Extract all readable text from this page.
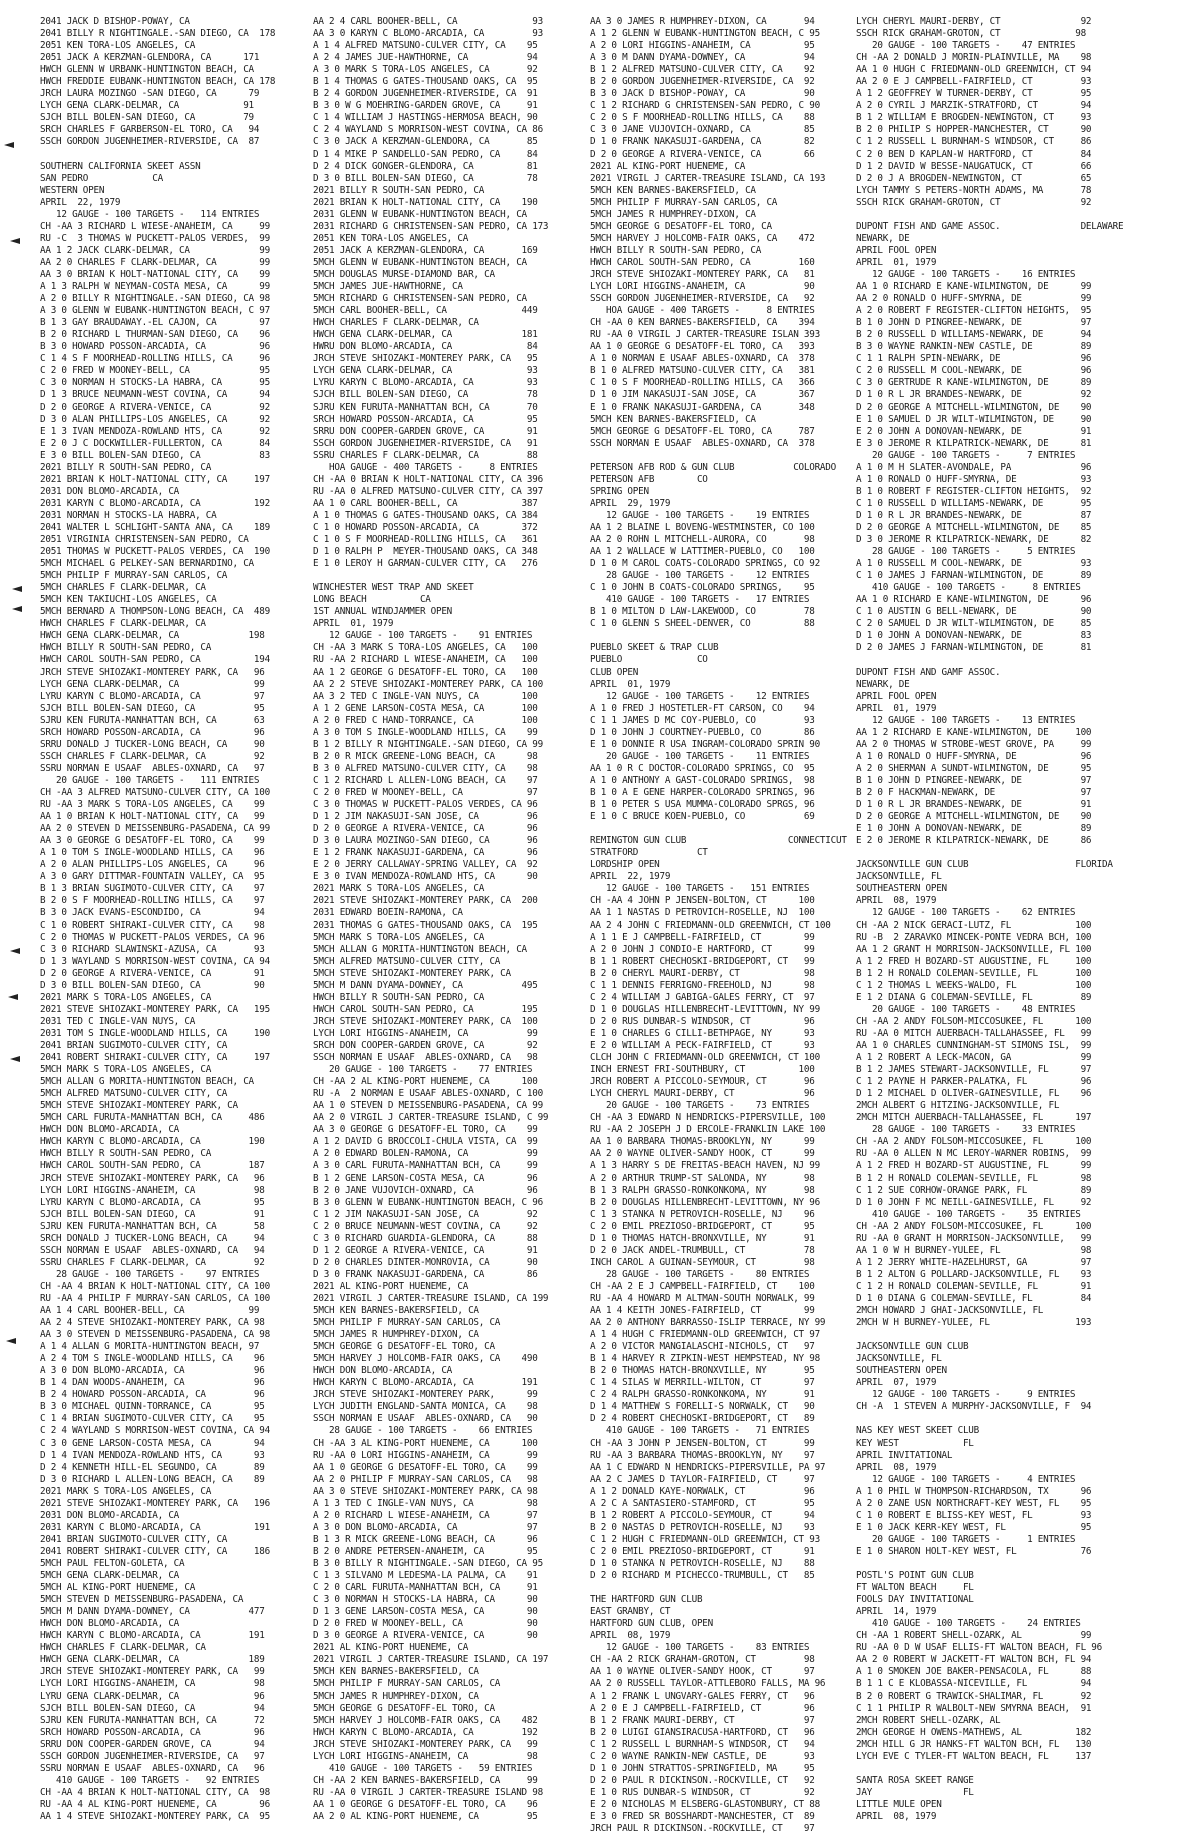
2041 JACK D BISHOP-POWAY, CA
2041 BILLY R NIGHTINGALE.-SAN DIEGO, CA  178
2051 KEN TORA-LOS ANGELES, CA
2051 JACK A KERZMAN-GLENDORA, CA      171
HWCH GLENN W URBANK-HUNTINGTON BEACH, CA
HWCH FREDDIE EUBANK-HUNTINGTON BEACH, CA 178
JRCH LAURA MOZINGO -SAN DIEGO, CA      79
LYCH GENA CLARK-DELMAR, CA            91
SJCH BILL BOLEN-SAN DIEGO, CA         79
SRCH CHARLES F GARBERSON-EL TORO, CA   94
SSCH GORDON JUGENHEIMER-RIVERSIDE, CA  87
SOUTHERN CALIFORNIA SKEET ASSN
SAN PEDRO            CA
WESTERN OPEN
APRIL  22, 1979
12 GAUGE - 100 TARGETS -   114 ENTRIES
CH -AA 3 RICHARD L WIESE-ANAHEIM, CA     99
RU -C  3 THOMAS W PUCKETT-PALOS VERDES,  99
AA 1 2 JACK CLARK-DELMAR, CA             99
AA 2 0 CHARLES F CLARK-DELMAR, CA        99
AA 3 0 BRIAN K HOLT-NATIONAL CITY, CA    99
A 1 3 RALPH W NEYMAN-COSTA MESA, CA      99
A 2 0 BILLY R NIGHTINGALE.-SAN DIEGO, CA 98
A 3 0 GLENN W EUBANK-HUNTINGTON BEACH, C 97
B 1 3 GAY BRAUDAWAY.-EL CAJON, CA        97
B 2 0 RICHARD L THURMAN-SAN DIEGO, CA    96
B 3 0 HOWARD POSSON-ARCADIA, CA          96
C 1 4 S F MOORHEAD-ROLLING HILLS, CA     96
C 2 0 FRED W MOONEY-BELL, CA             95
C 3 0 NORMAN H STOCKS-LA HABRA, CA       95
D 1 3 BRUCE NEUMANN-WEST COVINA, CA      94
D 2 0 GEORGE A RIVERA-VENICE, CA         92
D 3 0 ALAN PHILLIPS-LOS ANGELES, CA      92
E 1 3 IVAN MENDOZA-ROWLAND HTS, CA       92
E 2 0 J C DOCKWILLER-FULLERTON, CA       84
E 3 0 BILL BOLEN-SAN DIEGO, CA           83
2021 BILLY R SOUTH-SAN PEDRO, CA
2021 BRIAN K HOLT-NATIONAL CITY, CA     197
2031 DON BLOMO-ARCADIA, CA
2031 KARYN C BLOMO-ARCADIA, CA          192
2031 NORMAN H STOCKS-LA HABRA, CA
2041 WALTER L SCHLIGHT-SANTA ANA, CA    189
2051 VIRGINIA CHRISTENSEN-SAN PEDRO, CA
2051 THOMAS W PUCKETT-PALOS VERDES, CA  190
5MCH MICHAEL G PELKEY-SAN BERNARDINO, CA
5MCH PHILIP F MURRAY-SAN CARLOS, CA
5MCH CHARLES F CLARK-DELMAR, CA
5MCH KEN TAKIUCHI-LOS ANGELES, CA
5MCH BERNARD A THOMPSON-LONG BEACH, CA  489
HWCH CHARLES F CLARK-DELMAR, CA
HWCH GENA CLARK-DELMAR, CA             198
HWCH BILLY R SOUTH-SAN PEDRO, CA
HWCH CAROL SOUTH-SAN PEDRO, CA          194
JRCH STEVE SHIOZAKI-MONTEREY PARK, CA   96
LYCH GENA CLARK-DELMAR, CA              99
LYRU KARYN C BLOMO-ARCADIA, CA          97
SJCH BILL BOLEN-SAN DIEGO, CA           95
SJRU KEN FURUTA-MANHATTAN BCH, CA       63
SRCH HOWARD POSSON-ARCADIA, CA          96
SRRU DONALD J TUCKER-LONG BEACH, CA     90
SSCH CHARLES F CLARK-DELMAR, CA         92
SSRU NORMAN E USAAF  ABLES-OXNARD, CA   97
20 GAUGE - 100 TARGETS -   111 ENTRIES
CH -AA 3 ALFRED MATSUNO-CULVER CITY, CA 100
RU -AA 3 MARK S TORA-LOS ANGELES, CA    99
AA 1 0 BRIAN K HOLT-NATIONAL CITY, CA   99
AA 2 0 STEVEN D MEISSENBURG-PASADENA, CA 99
AA 3 0 GEORGE G DESATOFF-EL TORO, CA    99
A 1 0 TOM S INGLE-WOODLAND HILLS, CA    96
A 2 0 ALAN PHILLIPS-LOS ANGELES, CA     96
A 3 0 GARY DITTMAR-FOUNTAIN VALLEY, CA  95
B 1 3 BRIAN SUGIMOTO-CULVER CITY, CA    97
B 2 0 S F MOORHEAD-ROLLING HILLS, CA    97
B 3 0 JACK EVANS-ESCONDIDO, CA          94
C 1 0 ROBERT SHIRAKI-CULVER CITY, CA    98
C 2 0 THOMAS W PUCKETT-PALOS VERDES, CA 96
C 3 0 RICHARD SLAWINSKI-AZUSA, CA       93
D 1 3 WAYLAND S MORRISON-WEST COVINA, CA 94
D 2 0 GEORGE A RIVERA-VENICE, CA        91
D 3 0 BILL BOLEN-SAN DIEGO, CA          90
2021 MARK S TORA-LOS ANGELES, CA
2021 STEVE SHIOZAKI-MONTEREY PARK, CA   195
2031 TED C INGLE-VAN NUYS, CA
2031 TOM S INGLE-WOODLAND HILLS, CA     190
2041 BRIAN SUGIMOTO-CULVER CITY, CA
2041 ROBERT SHIRAKI-CULVER CITY, CA     197
5MCH MARK S TORA-LOS ANGELES, CA
5MCH ALLAN G MORITA-HUNTINGTON BEACH, CA
5MCH ALFRED MATSUNO-CULVER CITY, CA
5MCH STEVE SHIOZAKI-MONTEREY PARK, CA
5MCH CARL FURUTA-MANHATTAN BCH, CA     486
HWCH DON BLOMO-ARCADIA, CA
HWCH KARYN C BLOMO-ARCADIA, CA         190
HWCH BILLY R SOUTH-SAN PEDRO, CA
HWCH CAROL SOUTH-SAN PEDRO, CA         187
JRCH STEVE SHIOZAKI-MONTEREY PARK, CA   96
LYCH LORI HIGGINS-ANAHEIM, CA           98
LYRU KARYN C BLOMO-ARCADIA, CA          95
SJCH BILL BOLEN-SAN DIEGO, CA           91
SJRU KEN FURUTA-MANHATTAN BCH, CA       58
SRCH DONALD J TUCKER-LONG BEACH, CA     94
SSCH NORMAN E USAAF  ABLES-OXNARD, CA   94
SSRU CHARLES F CLARK-DELMAR, CA         92
28 GAUGE - 100 TARGETS -    97 ENTRIES
CH -AA 4 BRIAN K HOLT-NATIONAL CITY, CA 100
RU -AA 4 PHILIP F MURRAY-SAN CARLOS, CA 100
AA 1 4 CARL BOOHER-BELL, CA            99
AA 2 4 STEVE SHIOZAKI-MONTEREY PARK, CA 98
AA 3 0 STEVEN D MEISSENBURG-PASADENA, CA 98
A 1 4 ALLAN G MORITA-HUNTINGTON BEACH, 97
A 2 4 TOM S INGLE-WOODLAND HILLS, CA    96
A 3 0 DON BLOMO-ARCADIA, CA             96
B 1 4 DAN WOODS-ANAHEIM, CA             96
B 2 4 HOWARD POSSON-ARCADIA, CA         96
B 3 0 MICHAEL QUINN-TORRANCE, CA        95
C 1 4 BRIAN SUGIMOTO-CULVER CITY, CA    95
C 2 4 WAYLAND S MORRISON-WEST COVINA, CA 94
C 3 0 GENE LARSON-COSTA MESA, CA        94
D 1 4 IVAN MENDOZA-ROWLAND HTS, CA      93
D 2 4 KENNETH HILL-EL SEGUNDO, CA       89
D 3 0 RICHARD L ALLEN-LONG BEACH, CA    89
2021 MARK S TORA-LOS ANGELES, CA
2021 STEVE SHIOZAKI-MONTEREY PARK, CA   196
2031 DON BLOMO-ARCADIA, CA
2031 KARYN C BLOMO-ARCADIA, CA          191
2041 BRIAN SUGIMOTO-CULVER CITY, CA
2041 ROBERT SHIRAKI-CULVER CITY, CA     186
5MCH PAUL FELTON-GOLETA, CA
5MCH GENA CLARK-DELMAR, CA
5MCH AL KING-PORT HUENEME, CA
5MCH STEVEN D MEISSENBURG-PASADENA, CA
5MCH M DANN DYAMA-DOWNEY, CA           477
HWCH DON BLOMO-ARCADIA, CA
HWCH KARYN C BLOMO-ARCADIA, CA         191
HWCH CHARLES F CLARK-DELMAR, CA
HWCH GENA CLARK-DELMAR, CA             189
JRCH STEVE SHIOZAKI-MONTEREY PARK, CA   99
LYCH LORI HIGGINS-ANAHEIM, CA           98
LYRU GENA CLARK-DELMAR, CA              96
SJCH BILL BOLEN-SAN DIEGO, CA           94
SJRU KEN FURUTA-MANHATTAN BCH, CA       72
SRCH HOWARD POSSON-ARCADIA, CA          96
SRRU DON COOPER-GARDEN GROVE, CA        94
SSCH GORDON JUGENHEIMER-RIVERSIDE, CA   97
SSRU NORMAN E USAAF  ABLES-OXNARD, CA   96
410 GAUGE - 100 TARGETS -   92 ENTRIES
CH -AA 4 BRIAN K HOLT-NATIONAL CITY, CA  98
RU -AA 4 AL KING-PORT HUENEME, CA        96
AA 1 4 STEVE SHIOZAKI-MONTEREY PARK, CA  95
AA 2 4 CARL BOOHER-BELL, CA              93
AA 3 0 KARYN C BLOMO-ARCADIA, CA         93
A 1 4 ALFRED MATSUNO-CULVER CITY, CA    95
A 2 4 JAMES JUE-HAWTHORNE, CA           94
A 3 0 MARK S TORA-LOS ANGELES, CA       92
B 1 4 THOMAS G GATES-THOUSAND OAKS, CA  95
B 2 4 GORDON JUGENHEIMER-RIVERSIDE, CA  91
B 3 0 W G MOEHRING-GARDEN GROVE, CA     91
C 1 4 WILLIAM J HASTINGS-HERMOSA BEACH, 90
C 2 4 WAYLAND S MORRISON-WEST COVINA, CA 86
C 3 0 JACK A KERZMAN-GLENDORA, CA       85
D 1 4 MIKE P SANDELLO-SAN PEDRO, CA     84
D 2 4 DICK GONGER-GLENDORA, CA          81
D 3 0 BILL BOLEN-SAN DIEGO, CA          78
2021 BILLY R SOUTH-SAN PEDRO, CA
2021 BRIAN K HOLT-NATIONAL CITY, CA    190
2031 GLENN W EUBANK-HUNTINGTON BEACH, CA
2031 RICHARD G CHRISTENSEN-SAN PEDRO, CA 173
2051 KEN TORA-LOS ANGELES, CA
2051 JACK A KERZMAN-GLENDORA, CA       169
5MCH GLENN W EUBANK-HUNTINGTON BEACH, CA
5MCH DOUGLAS MURSE-DIAMOND BAR, CA
5MCH JAMES JUE-HAWTHORNE, CA
5MCH RICHARD G CHRISTENSEN-SAN PEDRO, CA
5MCH CARL BOOHER-BELL, CA              449
HWCH CHARLES F CLARK-DELMAR, CA
HWCH GENA CLARK-DELMAR, CA             181
HWRU DON BLOMO-ARCADIA, CA              84
JRCH STEVE SHIOZAKI-MONTEREY PARK, CA   95
LYCH GENA CLARK-DELMAR, CA              93
LYRU KARYN C BLOMO-ARCADIA, CA          93
SJCH BILL BOLEN-SAN DIEGO, CA           78
SJRU KEN FURUTA-MANHATTAN BCH, CA       70
SRCH HOWARD POSSON-ARCADIA, CA          95
SRRU DON COOPER-GARDEN GROVE, CA        91
SSCH GORDON JUGENHEIMER-RIVERSIDE, CA   91
SSRU CHARLES F CLARK-DELMAR, CA         88
HOA GAUGE - 400 TARGETS -     8 ENTRIES
CH -AA 0 BRIAN K HOLT-NATIONAL CITY, CA 396
RU -AA 0 ALFRED MATSUNO-CULVER CITY, CA 397
AA 1 0 CARL BOOHER-BELL, CA            387
A 1 0 THOMAS G GATES-THOUSAND OAKS, CA 384
C 1 0 HOWARD POSSON-ARCADIA, CA        372
C 1 0 S F MOORHEAD-ROLLING HILLS, CA   361
D 1 0 RALPH P  MEYER-THOUSAND OAKS, CA 348
E 1 0 LEROY H GARMAN-CULVER CITY, CA   276
WINCHESTER WEST TRAP AND SKEET
LONG BEACH          CA
1ST ANNUAL WINDJAMMER OPEN
APRIL  01, 1979
12 GAUGE - 100 TARGETS -    91 ENTRIES
CH -AA 3 MARK S TORA-LOS ANGELES, CA   100
RU -AA 2 RICHARD L WIESE-ANAHEIM, CA   100
AA 1 2 GEORGE G DESATOFF-EL TORO, CA   100
AA 2 2 STEVE SHIOZAKI-MONTEREY PARK, CA 100
AA 3 2 TED C INGLE-VAN NUYS, CA        100
A 1 2 GENE LARSON-COSTA MESA, CA       100
A 2 0 FRED C HAND-TORRANCE, CA         100
A 3 0 TOM S INGLE-WOODLAND HILLS, CA    99
B 1 2 BILLY R NIGHTINGALE.-SAN DIEGO, CA 99
B 2 0 R MICK GREENE-LONG BEACH, CA      98
B 3 0 ALFRED MATSUNO-CULVER CITY, CA    98
C 1 2 RICHARD L ALLEN-LONG BEACH, CA    97
C 2 0 FRED W MOONEY-BELL, CA            97
C 3 0 THOMAS W PUCKETT-PALOS VERDES, CA 96
D 1 2 JIM NAKASUJI-SAN JOSE, CA         96
D 2 0 GEORGE A RIVERA-VENICE, CA        96
D 3 0 LAURA MOZINGO-SAN DIEGO, CA       96
E 1 2 FRANK NAKASUJI-GARDENA, CA        96
E 2 0 JERRY CALLAWAY-SPRING VALLEY, CA  92
E 3 0 IVAN MENDOZA-ROWLAND HTS, CA      90
2021 MARK S TORA-LOS ANGELES, CA
2021 STEVE SHIOZAKI-MONTEREY PARK, CA  200
2031 EDWARD BOEIN-RAMONA, CA
2031 THOMAS G GATES-THOUSAND OAKS, CA  195
5MCH MARK S TORA-LOS ANGELES, CA
5MCH ALLAN G MORITA-HUNTINGTON BEACH, CA
5MCH ALFRED MATSUNO-CULVER CITY, CA
5MCH STEVE SHIOZAKI-MONTEREY PARK, CA
5MCH M DANN DYAMA-DOWNEY, CA           495
HWCH BILLY R SOUTH-SAN PEDRO, CA
HWCH CAROL SOUTH-SAN PEDRO, CA         195
JRCH STEVE SHIOZAKI-MONTEREY PARK, CA  100
LYCH LORI HIGGINS-ANAHEIM, CA           99
SRCH DON COOPER-GARDEN GROVE, CA        92
SSCH NORMAN E USAAF  ABLES-OXNARD, CA   98
20 GAUGE - 100 TARGETS -    77 ENTRIES
CH -AA 2 AL KING-PORT HUENEME, CA      100
RU -A  2 NORMAN E USAAF ABLES-OXNARD, C 100
AA 1 0 STEVEN D MEISSENBURG-PASADENA, CA 99
AA 2 0 VIRGIL J CARTER-TREASURE ISLAND, C 99
AA 3 0 GEORGE G DESATOFF-EL TORO, CA    99
A 1 2 DAVID G BROCCOLI-CHULA VISTA, CA  99
A 2 0 EDWARD BOLEN-RAMONA, CA           99
A 3 0 CARL FURUTA-MANHATTAN BCH, CA     99
B 1 2 GENE LARSON-COSTA MESA, CA        96
B 2 0 JANE VUJOVICH-OXNARD, CA          96
B 3 0 GLENN W EUBANK-HUNTINGTON BEACH, C 96
C 1 2 JIM NAKASUJI-SAN JOSE, CA         92
C 2 0 BRUCE NEUMANN-WEST COVINA, CA     92
C 3 0 RICHARD GUARDIA-GLENDORA, CA      88
D 1 2 GEORGE A RIVERA-VENICE, CA        91
D 2 0 CHARLES DINTER-MONROVIA, CA       90
D 3 0 FRANK NAKASUJI-GARDENA, CA        86
2021 AL KING-PORT HUENEME, CA
2021 VIRGIL J CARTER-TREASURE ISLAND, CA 199
5MCH KEN BARNES-BAKERSFIELD, CA
5MCH PHILIP F MURRAY-SAN CARLOS, CA
5MCH JAMES R HUMPHREY-DIXON, CA
5MCH GEORGE G DESATOFF-EL TORO, CA
5MCH HARVEY J HOLCOMB-FAIR OAKS, CA    490
HWCH DON BLOMO-ARCADIA, CA
HWCH KARYN C BLOMO-ARCADIA, CA         191
JRCH STEVE SHIOZAKI-MONTEREY PARK,      99
LYCH JUDITH ENGLAND-SANTA MONICA, CA    98
SSCH NORMAN E USAAF  ABLES-OXNARD, CA   90
28 GAUGE - 100 TARGETS -    66 ENTRIES
CH -AA 3 AL KING-PORT HUENEME, CA      100
RU -AA 0 LORI HIGGINS-ANAHEIM, CA       99
AA 1 0 GEORGE G DESATOFF-EL TORO, CA    99
AA 2 0 PHILIP F MURRAY-SAN CARLOS, CA   98
AA 3 0 STEVE SHIOZAKI-MONTEREY PARK, CA 98
A 1 3 TED C INGLE-VAN NUYS, CA          98
A 2 0 RICHARD L WIESE-ANAHEIM, CA       97
A 3 0 DON BLOMO-ARCADIA, CA             97
B 1 3 R MICK GREENE-LONG BEACH, CA      96
B 2 0 ANDRE PETERSEN-ANAHEIM, CA        95
B 3 0 BILLY R NIGHTINGALE.-SAN DIEGO, CA 95
C 1 3 SILVANO M LEDESMA-LA PALMA, CA    91
C 2 0 CARL FURUTA-MANHATTAN BCH, CA     91
C 3 0 NORMAN H STOCKS-LA HABRA, CA      90
D 1 3 GENE LARSON-COSTA MESA, CA        90
D 2 0 FRED W MOONEY-BELL, CA            90
D 3 0 GEORGE A RIVERA-VENICE, CA        90
2021 AL KING-PORT HUENEME, CA
2021 VIRGIL J CARTER-TREASURE ISLAND, CA 197
5MCH KEN BARNES-BAKERSFIELD, CA
5MCH PHILIP F MURRAY-SAN CARLOS, CA
5MCH JAMES R HUMPHREY-DIXON, CA
5MCH GEORGE G DESATOFF-EL TORO, CA
5MCH HARVEY J HOLCOMB-FAIR OAKS, CA    482
HWCH KARYN C BLOMO-ARCADIA, CA         192
JRCH STEVE SHIOZAKI-MONTEREY PARK, CA   99
LYCH LORI HIGGINS-ANAHEIM, CA           98
410 GAUGE - 100 TARGETS -   59 ENTRIES
CH -AA 2 KEN BARNES-BAKERSFIELD, CA     99
RU -AA 0 VIRGIL J CARTER-TREASURE ISLAND 98
AA 1 0 GEORGE G DESATOFF-EL TORO, CA    96
AA 2 0 AL KING-PORT HUENEME, CA         95
AA 3 0 JAMES R HUMPHREY-DIXON, CA       94
A 1 2 GLENN W EUBANK-HUNTINGTON BEACH, C 95
A 2 0 LORI HIGGINS-ANAHEIM, CA          95
A 3 0 M DANN DYAMA-DOWNEY, CA           94
B 1 2 ALFRED MATSUNO-CULVER CITY, CA    92
B 2 0 GORDON JUGENHEIMER-RIVERSIDE, CA  92
B 3 0 JACK D BISHOP-POWAY, CA           90
C 1 2 RICHARD G CHRISTENSEN-SAN PEDRO, C 90
C 2 0 S F MOORHEAD-ROLLING HILLS, CA    88
C 3 0 JANE VUJOVICH-OXNARD, CA          85
D 1 0 FRANK NAKASUJI-GARDENA, CA        82
D 2 0 GEORGE A RIVERA-VENICE, CA        66
2021 AL KING-PORT HUENEME, CA
2021 VIRGIL J CARTER-TREASURE ISLAND, CA 193
5MCH KEN BARNES-BAKERSFIELD, CA
5MCH PHILIP F MURRAY-SAN CARLOS, CA
5MCH JAMES R HUMPHREY-DIXON, CA
5MCH GEORGE G DESATOFF-EL TORO, CA
5MCH HARVEY J HOLCOMB-FAIR OAKS, CA    472
HWCH BILLY R SOUTH-SAN PEDRO, CA
HWCH CAROL SOUTH-SAN PEDRO, CA         160
JRCH STEVE SHIOZAKI-MONTEREY PARK, CA   81
LYCH LORI HIGGINS-ANAHEIM, CA           90
SSCH GORDON JUGENHEIMER-RIVERSIDE, CA   92
HOA GAUGE - 400 TARGETS -     8 ENTRIES
CH -AA 0 KEN BARNES-BAKERSFIELD, CA    394
RU -AA 0 VIRGIL J CARTER-TREASURE ISLAN 393
AA 1 0 GEORGE G DESATOFF-EL TORO, CA   393
A 1 0 NORMAN E USAAF ABLES-OXNARD, CA  378
B 1 0 ALFRED MATSUNO-CULVER CITY, CA   381
C 1 0 S F MOORHEAD-ROLLING HILLS, CA   366
D 1 0 JIM NAKASUJI-SAN JOSE, CA        367
E 1 0 FRANK NAKASUJI-GARDENA, CA       348
5MCH KEN BARNES-BAKERSFIELD, CA
5MCH GEORGE G DESATOFF-EL TORO, CA     787
SSCH NORMAN E USAAF  ABLES-OXNARD, CA  378
PETERSON AFB ROD & GUN CLUB           COLORADO
PETERSON AFB        CO
SPRING OPEN
APRIL  29, 1979
12 GAUGE - 100 TARGETS -    19 ENTRIES
AA 1 2 BLAINE L BOVENG-WESTMINSTER, CO 100
AA 2 0 ROHN L MITCHELL-AURORA, CO       98
AA 1 2 WALLACE W LATTIMER-PUEBLO, CO   100
D 1 0 M CAROL COATS-COLORADO SPRINGS, CO 92
28 GAUGE - 100 TARGETS -    12 ENTRIES
C 1 0 JOHN B COATS-COLORADO SPRINGS,    95
410 GAUGE - 100 TARGETS -   17 ENTRIES
B 1 0 MILTON D LAW-LAKEWOOD, CO         78
C 1 0 GLENN S SHEEL-DENVER, CO          88
PUEBLO SKEET & TRAP CLUB
PUEBLO              CO
CLUB OPEN
APRIL  01, 1979
12 GAUGE - 100 TARGETS -    12 ENTRIES
A 1 0 FRED J HOSTETLER-FT CARSON, CO    94
C 1 1 JAMES D MC COY-PUEBLO, CO         93
D 1 0 JOHN J COURTNEY-PUEBLO, CO        86
E 1 0 DONNIE R USA INGRAM-COLORADO SPRIN 90
20 GAUGE - 100 TARGETS -    11 ENTRIES
AA 1 0 R C DOCTOR-COLORADO SPRINGS, CO  95
A 1 0 ANTHONY A GAST-COLORADO SPRINGS,  98
B 1 0 A E GENE HARPER-COLORADO SPRINGS, 96
B 1 0 PETER S USA MUMMA-COLORADO SPRGS, 96
E 1 0 C BRUCE KOEN-PUEBLO, CO           69
REMINGTON GUN CLUB                   CONNECTICUT
STRATFORD           CT
LORDSHIP OPEN
APRIL  22, 1979
12 GAUGE - 100 TARGETS -   151 ENTRIES
CH -AA 4 JOHN P JENSEN-BOLTON, CT      100
AA 1 1 NASTAS D PETROVICH-ROSELLE, NJ  100
AA 2 4 JOHN C FRIEDMANN-OLD GREENWICH, CT 100
A 1 1 E J CAMPBELL-FAIRFIELD, CT        99
A 2 0 JOHN J CONDIO-E HARTFORD, CT      99
B 1 1 ROBERT CHECHOSKI-BRIDGEPORT, CT   99
B 2 0 CHERYL MAURI-DERBY, CT            98
C 1 1 DENNIS FERRIGNO-FREEHOLD, NJ      98
C 2 4 WILLIAM J GABIGA-GALES FERRY, CT  97
D 1 0 DOUGLAS HILLENBRECHT-LEVITTOWN, NY 99
D 2 0 RUS DUNBAR-S WINDSOR, CT          96
E 1 0 CHARLES G CILLI-BETHPAGE, NY      93
E 2 0 WILLIAM A PECK-FAIRFIELD, CT      93
CLCH JOHN C FRIEDMANN-OLD GREENWICH, CT 100
INCH ERNEST FRI-SOUTHBURY, CT          100
JRCH ROBERT A PICCOLO-SEYMOUR, CT       96
LYCH CHERYL MAURI-DERBY, CT             96
20 GAUGE - 100 TARGETS -    73 ENTRIES
CH -AA 3 EDWARD N HENDRICKS-PIPERSVILLE, 100
RU -AA 2 JOSEPH J D ERCOLE-FRANKLIN LAKE 100
AA 1 0 BARBARA THOMAS-BROOKLYN, NY      99
AA 2 0 WAYNE OLIVER-SANDY HOOK, CT      99
A 1 3 HARRY S DE FREITAS-BEACH HAVEN, NJ 99
A 2 0 ARTHUR TRUMP-ST SALONDA, NY       98
B 1 3 RALPH GRASSO-RONKONKOMA, NY       98
B 2 0 DOUGLAS HILLENBRECHT-LEVITTOWN, NY 96
C 1 3 STANKA N PETROVICH-ROSELLE, NJ    96
C 2 0 EMIL PREZIOSO-BRIDGEPORT, CT      95
D 1 0 THOMAS HATCH-BRONXVILLE, NY       91
D 2 0 JACK ANDEL-TRUMBULL, CT           78
INCH CAROL A GUINAN-SEYMOUR, CT         98
28 GAUGE - 100 TARGETS -    80 ENTRIES
CH -AA 2 E J CAMPBELL-FAIRFIELD, CT    100
RU -AA 4 HOWARD M ALTMAN-SOUTH NORWALK, 99
AA 1 4 KEITH JONES-FAIRFIELD, CT        99
AA 2 0 ANTHONY BARRASSO-ISLIP TERRACE, NY 99
A 1 4 HUGH C FRIEDMANN-OLD GREENWICH, CT 97
A 2 0 VICTOR MANGIALASCHI-NICHOLS, CT   97
B 1 4 HARVEY R ZIPKIN-WEST HEMPSTEAD, NY 98
B 2 0 THOMAS HATCH-BRONXVILLE, NY       95
C 1 4 SILAS W MERRILL-WILTON, CT        97
C 2 4 RALPH GRASSO-RONKONKOMA, NY       91
D 1 4 MATTHEW S FORELLI-S NORWALK, CT   90
D 2 4 ROBERT CHECHOSKI-BRIDGEPORT, CT   89
410 GAUGE - 100 TARGETS -   71 ENTRIES
CH -AA 3 JOHN P JENSEN-BOLTON, CT       99
RU -AA 3 BARBARA THOMAS-BROOKLYN, NY    97
AA 1 C EDWARD N HENDRICKS-PIPERSVILLE, PA 97
AA 2 C JAMES D TAYLOR-FAIRFIELD, CT     97
A 1 2 DONALD KAYE-NORWALK, CT           96
A 2 C A SANTASIERO-STAMFORD, CT         95
B 1 2 ROBERT A PICCOLO-SEYMOUR, CT      94
B 2 0 NASTAS D PETROVICH-ROSELLE, NJ    93
C 1 2 HUGH C FRIEDMANN-OLD GREENWICH, CT 93
C 2 0 EMIL PREZIOSO-BRIDGEPORT, CT      91
D 1 0 STANKA N PETROVICH-ROSELLE, NJ    88
D 2 0 RICHARD M PICHECCO-TRUMBULL, CT   85
THE HARTFORD GUN CLUB
EAST GRANBY, CT
HARTFORD GUN CLUB, OPEN
APRIL  08, 1979
12 GAUGE - 100 TARGETS -    83 ENTRIES
CH -AA 2 RICK GRAHAM-GROTON, CT         98
AA 1 0 WAYNE OLIVER-SANDY HOOK, CT      97
AA 2 0 RUSSELL TAYLOR-ATTLEBORO FALLS, MA 96
A 1 2 FRANK L UNGVARY-GALES FERRY, CT   96
A 2 0 E J CAMPBELL-FAIRFIELD, CT        96
B 1 2 FRANK MAURI-DERBY, CT             97
B 2 0 LUIGI GIANSIRACUSA-HARTFORD, CT   96
C 1 2 RUSSELL L BURNHAM-S WINDSOR, CT   94
C 2 0 WAYNE RANKIN-NEW CASTLE, DE       93
D 1 0 JOHN STRATTOS-SPRINGFIELD, MA     95
D 2 0 PAUL R DICKINSON.-ROCKVILLE, CT   92
E 1 0 RUS DUNBAR-S WINDSOR, CT          92
E 2 0 NICHOLAS M ELSBERG-GLASTONBURY, CT 88
E 3 0 FRED SR BOSSHARDT-MANCHESTER, CT  89
JRCH PAUL R DICKINSON.-ROCKVILLE, CT    97
LYCH CHERYL MAURI-DERBY, CT               92
SSCH RICK GRAHAM-GROTON, CT              98
20 GAUGE - 100 TARGETS -    47 ENTRIES
CH -AA 2 DONALD J MORIN-PLAINVILLE, MA    98
AA 1 0 HUGH C FRIEDMANN-OLD GREENWICH, CT 94
AA 2 0 E J CAMPBELL-FAIRFIELD, CT         93
A 1 2 GEOFFREY W TURNER-DERBY, CT         95
A 2 0 CYRIL J MARZIK-STRATFORD, CT        94
B 1 2 WILLIAM E BROGDEN-NEWINGTON, CT     93
B 2 0 PHILIP S HOPPER-MANCHESTER, CT      90
C 1 2 RUSSELL L BURNHAM-S WINDSOR, CT     86
C 2 0 BEN D KAPLAN-W HARTFORD, CT         84
D 1 2 DAVID W BESSE-NAUGATUCK, CT         66
D 2 0 J A BROGDEN-NEWINGTON, CT           65
LYCH TAMMY S PETERS-NORTH ADAMS, MA       78
SSCH RICK GRAHAM-GROTON, CT               92
DUPONT FISH AND GAME ASSOC.               DELAWARE
NEWARK, DE
APRIL FOOL OPEN
APRIL  01, 1979
12 GAUGE - 100 TARGETS -    16 ENTRIES
AA 1 0 RICHARD E KANE-WILMINGTON, DE      99
AA 2 0 RONALD O HUFF-SMYRNA, DE           99
A 2 0 ROBERT F REGISTER-CLIFTON HEIGHTS,  95
B 1 0 JOHN D PINGREE-NEWARK, DE           97
B 2 0 RUSSELL D WILLIAMS-NEWARK, DE       94
B 3 0 WAYNE RANKIN-NEW CASTLE, DE         89
C 1 1 RALPH SPIN-NEWARK, DE               96
C 2 0 RUSSELL M COOL-NEWARK, DE           96
C 3 0 GERTRUDE R KANE-WILMINGTON, DE      89
D 1 0 R L JR BRANDES-NEWARK, DE           92
D 2 0 GEORGE A MITCHELL-WILMINGTON, DE    90
E 1 0 SAMUEL D JR WILT-WILMINGTON, DE     90
E 2 0 JOHN A DONOVAN-NEWARK, DE           91
E 3 0 JEROME R KILPATRICK-NEWARK, DE      81
20 GAUGE - 100 TARGETS -     7 ENTRIES
A 1 0 M H SLATER-AVONDALE, PA             96
A 1 0 RONALD O HUFF-SMYRNA, DE            93
B 1 0 ROBERT F REGISTER-CLIFTON HEIGHTS,  92
C 1 0 RUSSELL D WILLIAMS-NEWARK, DE       95
D 1 0 R L JR BRANDES-NEWARK, DE           87
D 2 0 GEORGE A MITCHELL-WILMINGTON, DE    85
D 3 0 JEROME R KILPATRICK-NEWARK, DE      82
28 GAUGE - 100 TARGETS -     5 ENTRIES
A 1 0 RUSSELL M COOL-NEWARK, DE           93
C 1 0 JAMES J FARNAN-WILMINGTON, DE       89
410 GAUGE - 100 TARGETS -     8 ENTRIES
AA 1 0 RICHARD E KANE-WILMINGTON, DE      96
C 1 0 AUSTIN G BELL-NEWARK, DE            90
C 2 0 SAMUEL D JR WILT-WILMINGTON, DE     85
D 1 0 JOHN A DONOVAN-NEWARK, DE           83
D 2 0 JAMES J FARNAN-WILMINGTON, DE       81
DUPONT FISH AND GAMF ASSOC.
NEWARK, DE
APRIL FOOL OPEN
APRIL  01, 1979
12 GAUGE - 100 TARGETS -    13 ENTRIES
AA 1 2 RICHARD E KANE-WILMINGTON, DE     100
AA 2 0 THOMAS W STROBE-WEST GROVE, PA     99
A 1 0 RONALD O HUFF-SMYRNA, DE            96
A 2 0 SHERMAN A SUNDT-WILMINGTON, DE      95
B 1 0 JOHN D PINGREE-NEWARK, DE           97
B 2 0 F HACKMAN-NEWARK, DE                97
D 1 0 R L JR BRANDES-NEWARK, DE           91
D 2 0 GEORGE A MITCHELL-WILMINGTON, DE    90
E 1 0 JOHN A DONOVAN-NEWARK, DE           89
E 2 0 JEROME R KILPATRICK-NEWARK, DE      86
JACKSONVILLE GUN CLUB                    FLORIDA
JACKSONVILLE, FL
SOUTHEASTERN OPEN
APRIL  08, 1979
12 GAUGE - 100 TARGETS -    62 ENTRIES
CH -AA 2 NICK GERACI-LUTZ, FL            100
RU -B  2 ZARAVKO MINCEK-PONTE VEDRA BCH, 100
AA 1 2 GRANT H MORRISON-JACKSONVILLE, FL 100
A 1 2 FRED H BOZARD-ST AUGUSTINE, FL     100
B 1 2 H RONALD COLEMAN-SEVILLE, FL       100
C 1 2 THOMAS L WEEKS-WALDO, FL           100
E 1 2 DIANA G COLEMAN-SEVILLE, FL         89
20 GAUGE - 100 TARGETS -    48 ENTRIES
CH -AA 2 ANDY FOLSOM-MICCOSUKEE, FL      100
RU -AA 0 MITCH AUERBACH-TALLAHASSEE, FL   99
AA 1 0 CHARLES CUNNINGHAM-ST SIMONS ISL,  99
A 1 2 ROBERT A LECK-MACON, GA             99
B 1 2 JAMES STEWART-JACKSONVILLE, FL      97
C 1 2 PAYNE H PARKER-PALATKA, FL          96
D 1 2 MICHAEL D OLIVER-GAINESVILLE, FL    96
2MCH ALBERT G HITZING-JACKSONVILLE, FL
2MCH MITCH AUERBACH-TALLAHASSEE, FL      197
28 GAUGE - 100 TARGETS -    33 ENTRIES
CH -AA 2 ANDY FOLSOM-MICCOSUKEE, FL      100
RU -AA 0 ALLEN N MC LEROY-WARNER ROBINS,  99
A 1 2 FRED H BOZARD-ST AUGUSTINE, FL      99
B 1 2 H RONALD COLEMAN-SEVILLE, FL        98
C 1 2 SUE CORHOW-ORANGE PARK, FL          89
D 1 0 JOHN F MC NEILL-GAINESVILLE, FL     92
410 GAUGE - 100 TARGETS -    35 ENTRIES
CH -AA 2 ANDY FOLSOM-MICCOSUKEE, FL      100
RU -AA 0 GRANT H MORRISON-JACKSONVILLE,   99
AA 1 0 W H BURNEY-YULEE, FL               98
A 1 2 JERRY WHITE-HAZELHURST, GA          97
B 1 2 ALTON G POLLARD-JACKSONVILLE, FL    93
C 1 2 H RONALD COLEMAN-SEVILLE, FL        91
D 1 0 DIANA G COLEMAN-SEVILLE, FL         84
2MCH HOWARD J GHAI-JACKSONVILLE, FL
2MCH W H BURNEY-YULEE, FL                193
JACKSONVILLE GUN CLUB
JACKSONVILLE, FL
SOUTHEASTERN OPEN
APRIL  07, 1979
12 GAUGE - 100 TARGETS -     9 ENTRIES
CH -A  1 STEVEN A MURPHY-JACKSONVILLE, F  94
NAS KEY WEST SKEET CLUB
KEY WEST            FL
APRIL INVITATIONAL
APRIL  08, 1979
12 GAUGE - 100 TARGETS -     4 ENTRIES
A 1 0 PHIL W THOMPSON-RICHARDSON, TX      96
A 2 0 ZANE USN NORTHCRAFT-KEY WEST, FL    95
C 1 0 ROBERT E BLISS-KEY WEST, FL         93
E 1 0 JACK KERR-KEY WEST, FL              95
20 GAUGE - 100 TARGETS -     1 ENTRIES
E 1 0 SHARON HOLT-KEY WEST, FL            76
POSTL'S POINT GUN CLUB
FT WALTON BEACH     FL
FOOLS DAY INVITATIONAL
APRIL  14, 1979
410 GAUGE - 100 TARGETS -    24 ENTRIES
CH -AA 1 ROBERT SHELL-OZARK, AL           99
RU -AA 0 D W USAF ELLIS-FT WALTON BEACH, FL 96
AA 2 0 ROBERT W JACKETT-FT WALTON BCH, FL 94
A 1 0 SMOKEN JOE BAKER-PENSACOLA, FL      88
B 1 1 C E KLOBASSA-NICEVILLE, FL          94
B 2 0 ROBERT G TRAWICK-SHALIMAR, FL       92
C 1 1 PHILIP R WALBOLT-NEW SMYRNA BEACH,  91
2MCH ROBERT SHELL-OZARK, AL
2MCH GEORGE H OWENS-MATHEWS, AL          182
2MCH HILL G JR HANKS-FT WALTON BCH, FL   130
LYCH EVE C TYLER-FT WALTON BEACH, FL     137
SANTA ROSA SKEET RANGE
JAY                 FL
LITTLE MULE OPEN
APRIL  08, 1979
